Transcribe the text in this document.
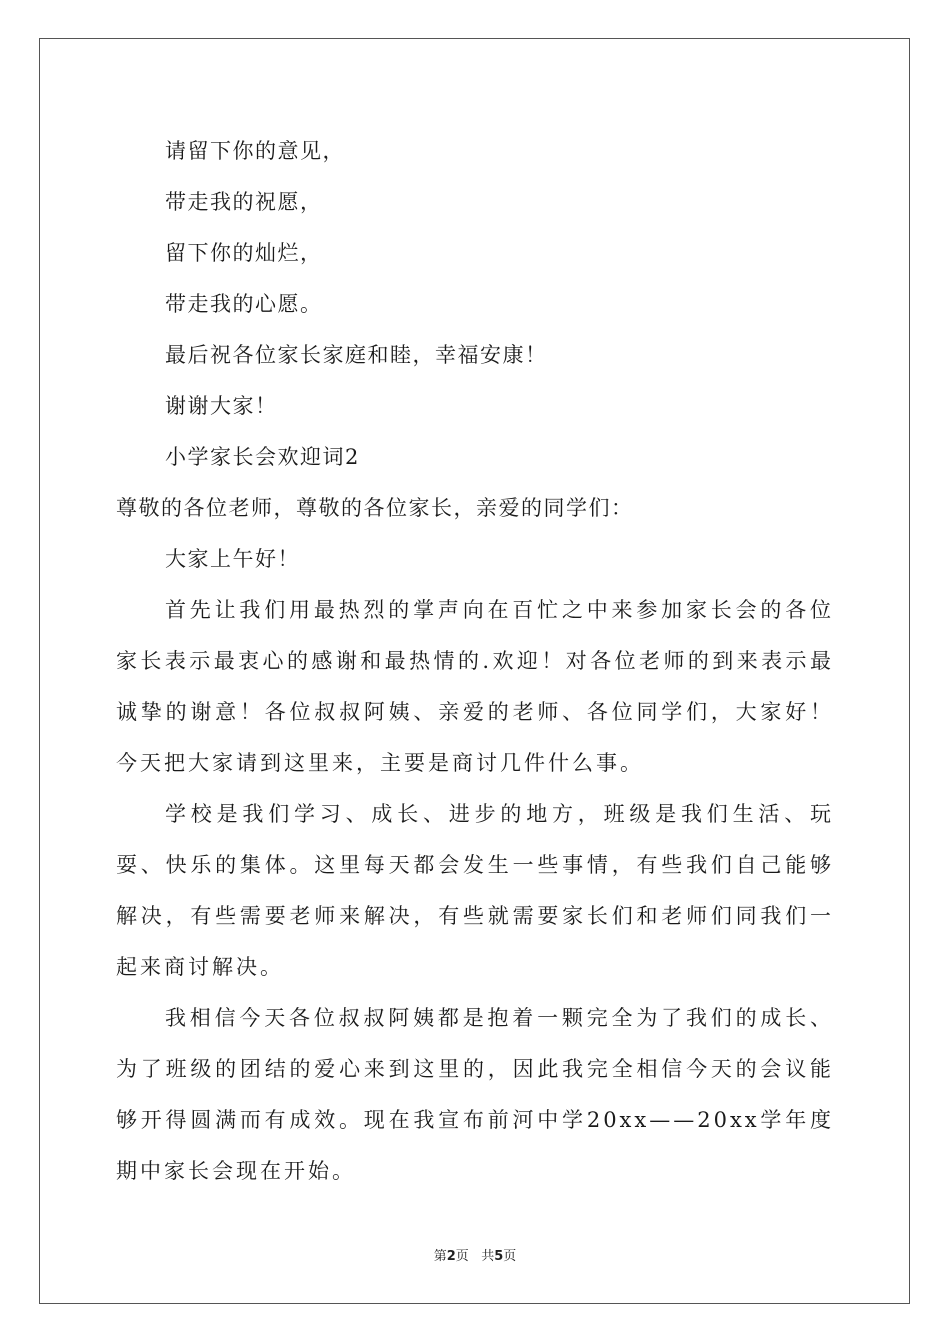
请留下你的意见，

带走我的祝愿，

留下你的灿烂，

带走我的心愿。

最后祝各位家长家庭和睦，幸福安康！

谢谢大家！

小学家长会欢迎词2

尊敬的各位老师，尊敬的各位家长，亲爱的同学们：

大家上午好！

首先让我们用最热烈的掌声向在百忙之中来参加家长会的各位家长表示最衷心的感谢和最热情的.欢迎！对各位老师的到来表示最诚挚的谢意！各位叔叔阿姨、亲爱的老师、各位同学们，大家好！今天把大家请到这里来，主要是商讨几件什么事。

学校是我们学习、成长、进步的地方，班级是我们生活、玩耍、快乐的集体。这里每天都会发生一些事情，有些我们自己能够解决，有些需要老师来解决，有些就需要家长们和老师们同我们一起来商讨解决。

我相信今天各位叔叔阿姨都是抱着一颗完全为了我们的成长、为了班级的团结的爱心来到这里的，因此我完全相信今天的会议能够开得圆满而有成效。现在我宣布前河中学20xx——20xx学年度期中家长会现在开始。

第2页 共5页
